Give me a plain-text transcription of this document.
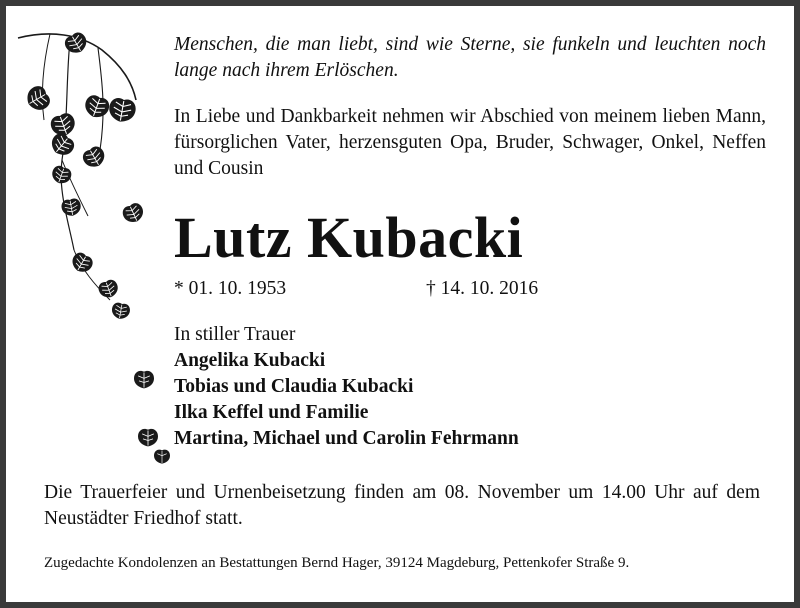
Menschen, die man liebt, sind wie Sterne, sie funkeln und leuchten noch lange nach ihrem Erlöschen.
In Liebe und Dankbarkeit nehmen wir Abschied von meinem lieben Mann, fürsorglichen Vater, herzensguten Opa, Bruder, Schwager, Onkel, Neffen und Cousin
Lutz Kubacki
* 01. 10. 1953	† 14. 10. 2016
In stiller Trauer
Angelika Kubacki
Tobias und Claudia Kubacki
Ilka Keffel und Familie
Martina, Michael und Carolin Fehrmann
Die Trauerfeier und Urnenbeisetzung finden am 08. November um 14.00 Uhr auf dem Neustädter Friedhof statt.
Zugedachte Kondolenzen an Bestattungen Bernd Hager, 39124 Magdeburg, Pettenkofer Straße 9.
